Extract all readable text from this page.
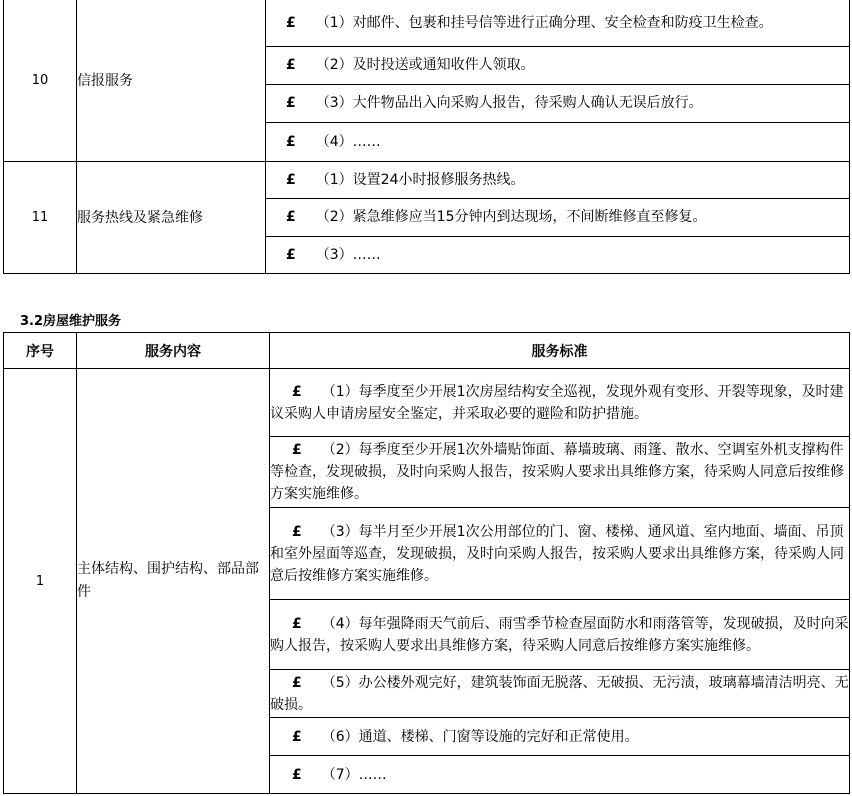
10	信报服务	£ （1）对邮件、包裹和挂号信等进行正确分理、安全检查和防疫卫生检查。
		£ （2）及时投送或通知收件人领取。
		£ （3）大件物品出入向采购人报告，待采购人确认无误后放行。
		£ （4）……
11	服务热线及紧急维修	£ （1）设置24小时报修服务热线。
		£ （2）紧急维修应当15分钟内到达现场，不间断维修直至修复。
		£ （3）……
3.2房屋维护服务
序号	服务内容	服务标准
1	主体结构、围护结构、部品部件	£ （1）每季度至少开展1次房屋结构安全巡视，发现外观有变形、开裂等现象，及时建议采购人申请房屋安全鉴定，并采取必要的避险和防护措施。
		£ （2）每季度至少开展1次外墙贴饰面、幕墙玻璃、雨篷、散水、空调室外机支撑构件等检查，发现破损，及时向采购人报告，按采购人要求出具维修方案，待采购人同意后按维修方案实施维修。
		£ （3）每半月至少开展1次公用部位的门、窗、楼梯、通风道、室内地面、墙面、吊顶和室外屋面等巡查，发现破损，及时向采购人报告，按采购人要求出具维修方案，待采购人同意后按维修方案实施维修。
		£ （4）每年强降雨天气前后、雨雪季节检查屋面防水和雨落管等，发现破损，及时向采购人报告，按采购人要求出具维修方案，待采购人同意后按维修方案实施维修。
		£ （5）办公楼外观完好，建筑装饰面无脱落、无破损、无污渍，玻璃幕墙清洁明亮、无破损。
		£ （6）通道、楼梯、门窗等设施的完好和正常使用。
		£ （7）……
